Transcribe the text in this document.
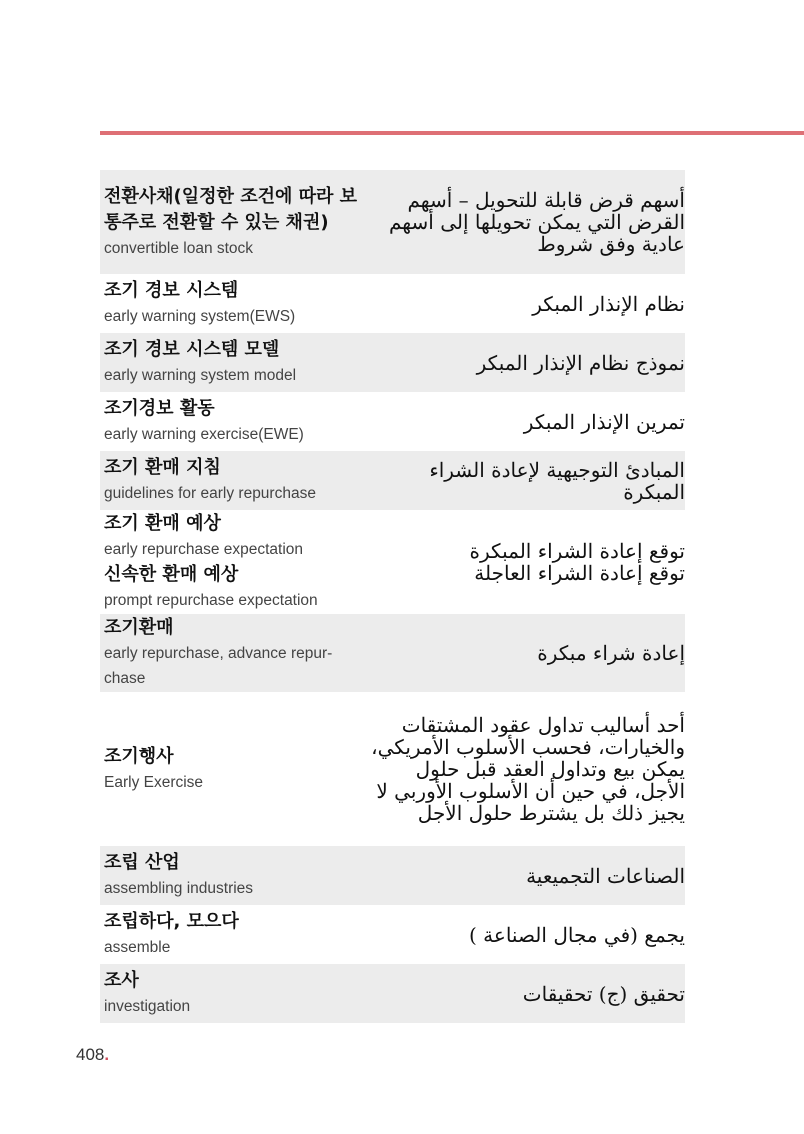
전환사채(일정한 조건에 따라 보통주로 전환할 수 있는 채권)
convertible loan stock
أسهم قرض قابلة للتحويل – أسهم القرض التي يمكن تحويلها إلى أسهم عادية وفق شروط
조기 경보 시스템
early warning system(EWS)
نظام الإنذار المبكر
조기 경보 시스템 모델
early warning system model
نموذج نظام الإنذار المبكر
조기경보 활동
early warning exercise(EWE)
تمرين الإنذار المبكر
조기 환매 지침
guidelines for early repurchase
المبادئ التوجيهية لإعادة الشراء المبكرة
조기 환매 예상
early repurchase expectation
신속한 환매 예상
prompt repurchase expectation
توقع إعادة الشراء المبكرة
توقع إعادة الشراء العاجلة
조기환매
early repurchase, advance repur-chase
إعادة شراء مبكرة
조기행사
Early Exercise
أحد أساليب تداول عقود المشتقات والخيارات، فحسب الأسلوب الأمريكي، يمكن بيع وتداول العقد قبل حلول الأجل، في حين أن الأسلوب الأوربي لا يجيز ذلك بل يشترط حلول الأجل
조립 산업
assembling industries
الصناعات التجميعية
조립하다, 모으다
assemble
يجمع (في مجال الصناعة )
조사
investigation
تحقيق (ج) تحقيقات
408.
